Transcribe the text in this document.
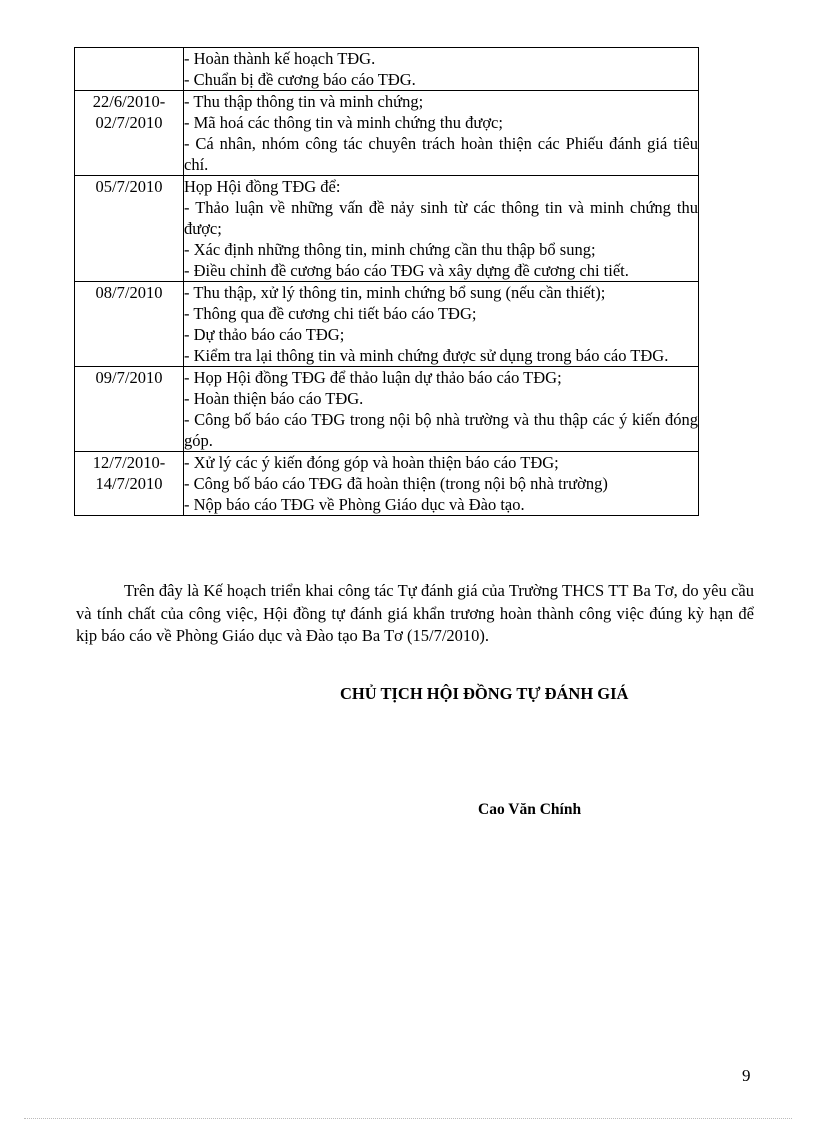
	- Hoàn thành kế hoạch TĐG.
- Chuẩn bị đề cương báo cáo TĐG.

22/6/2010-
02/7/2010	- Thu thập thông tin và minh chứng;
- Mã hoá các thông tin và minh chứng thu được;
- Cá nhân, nhóm công tác chuyên trách hoàn thiện các Phiếu đánh giá tiêu chí.

05/7/2010	Họp Hội đồng TĐG để:
- Thảo luận về những vấn đề nảy sinh từ các thông tin và minh chứng thu được;
- Xác định những thông tin, minh chứng cần thu thập bổ sung;
- Điều chỉnh đề cương báo cáo TĐG và xây dựng đề cương chi tiết.

08/7/2010	- Thu thập, xử lý thông tin, minh chứng bổ sung (nếu cần thiết);
- Thông qua đề cương chi tiết báo cáo TĐG;
- Dự thảo báo cáo TĐG;
- Kiểm tra lại thông tin và minh chứng được sử dụng trong báo cáo TĐG.

09/7/2010	- Họp Hội đồng TĐG để thảo luận dự thảo báo cáo TĐG;
- Hoàn thiện báo cáo TĐG.
- Công bố báo cáo TĐG trong nội bộ nhà trường và thu thập các ý kiến đóng góp.

12/7/2010-
14/7/2010	- Xử lý các ý kiến đóng góp và hoàn thiện báo cáo TĐG;
- Công bố báo cáo TĐG đã hoàn thiện (trong nội bộ nhà trường)
- Nộp báo cáo TĐG về Phòng Giáo dục và Đào tạo.

Trên đây là Kế hoạch triển khai công tác Tự đánh giá của Trường THCS TT Ba Tơ, do yêu cầu và tính chất của công việc, Hội đồng tự đánh giá khẩn trương hoàn thành công việc đúng kỳ hạn để kịp báo cáo về Phòng Giáo dục và Đào tạo Ba Tơ (15/7/2010).

CHỦ TỊCH HỘI ĐỒNG TỰ ĐÁNH GIÁ

Cao Văn Chính

9
